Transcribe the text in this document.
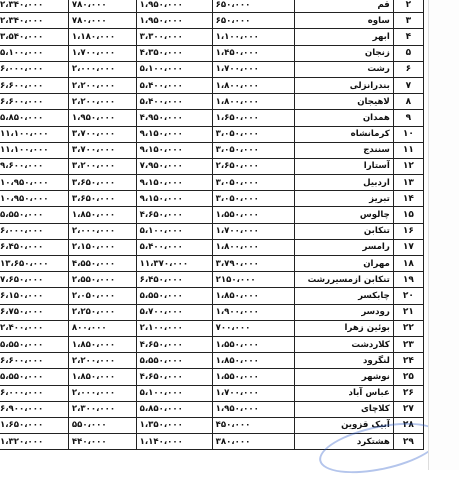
۲	قم	۶۵۰،۰۰۰	۱،۹۵۰،۰۰۰	۷۸۰،۰۰۰	۲،۳۴۰،۰۰۰
۳	ساوه	۶۵۰،۰۰۰	۱،۹۵۰،۰۰۰	۷۸۰،۰۰۰	۲،۳۴۰،۰۰۰
۴	ابهر	۱،۱۰۰،۰۰۰	۳،۳۰۰،۰۰۰	۱،۱۸۰،۰۰۰	۳،۵۴۰،۰۰۰
۵	زنجان	۱،۴۵۰،۰۰۰	۴،۳۵۰،۰۰۰	۱،۷۰۰،۰۰۰	۵،۱۰۰،۰۰۰
۶	رشت	۱،۷۰۰،۰۰۰	۵،۱۰۰،۰۰۰	۲،۰۰۰،۰۰۰	۶،۰۰۰،۰۰۰
۷	بندرانزلی	۱،۸۰۰،۰۰۰	۵،۴۰۰،۰۰۰	۲،۲۰۰،۰۰۰	۶،۶۰۰،۰۰۰
۸	لاهیجان	۱،۸۰۰،۰۰۰	۵،۴۰۰،۰۰۰	۲،۲۰۰،۰۰۰	۶،۶۰۰،۰۰۰
۹	همدان	۱،۶۵۰،۰۰۰	۴،۹۵۰،۰۰۰	۱،۹۵۰،۰۰۰	۵،۸۵۰،۰۰۰
۱۰	کرمانشاه	۳،۰۵۰،۰۰۰	۹،۱۵۰،۰۰۰	۳،۷۰۰،۰۰۰	۱۱،۱۰۰،۰۰۰
۱۱	سنندج	۳،۰۵۰،۰۰۰	۹،۱۵۰،۰۰۰	۳،۷۰۰،۰۰۰	۱۱،۱۰۰،۰۰۰
۱۲	آستارا	۲،۶۵۰،۰۰۰	۷،۹۵۰،۰۰۰	۳،۲۰۰،۰۰۰	۹،۶۰۰،۰۰۰
۱۳	اردبیل	۳،۰۵۰،۰۰۰	۹،۱۵۰،۰۰۰	۳،۶۵۰،۰۰۰	۱۰،۹۵۰،۰۰۰
۱۴	تبریز	۳،۰۵۰،۰۰۰	۹،۱۵۰،۰۰۰	۳،۶۵۰،۰۰۰	۱۰،۹۵۰،۰۰۰
۱۵	چالوس	۱،۵۵۰،۰۰۰	۴،۶۵۰،۰۰۰	۱،۸۵۰،۰۰۰	۵،۵۵۰،۰۰۰
۱۶	تنکابن	۱،۷۰۰،۰۰۰	۵،۱۰۰،۰۰۰	۲،۰۰۰،۰۰۰	۶،۰۰۰،۰۰۰
۱۷	رامسر	۱،۸۰۰،۰۰۰	۵،۴۰۰،۰۰۰	۲،۱۵۰،۰۰۰	۶،۴۵۰،۰۰۰
۱۸	مهران	۳،۷۹۰،۰۰۰	۱۱،۳۷۰،۰۰۰	۴،۵۵۰،۰۰۰	۱۳،۶۵۰،۰۰۰
۱۹	تنکابن ازمسیررشت	۲۱۵۰،۰۰۰	۶،۴۵۰،۰۰۰	۲،۵۵۰،۰۰۰	۷،۶۵۰،۰۰۰
۲۰	چابکسر	۱،۸۵۰،۰۰۰	۵،۵۵۰،۰۰۰	۲،۰۵۰،۰۰۰	۶،۱۵۰،۰۰۰
۲۱	رودسر	۱،۹۰۰،۰۰۰	۵،۷۰۰،۰۰۰	۲،۲۵۰،۰۰۰	۶،۷۵۰،۰۰۰
۲۲	بوئین زهرا	۷۰۰،۰۰۰	۲،۱۰۰،۰۰۰	۸۰۰،۰۰۰	۲،۴۰۰،۰۰۰
۲۳	کلاردشت	۱،۵۵۰،۰۰۰	۴،۶۵۰،۰۰۰	۱،۸۵۰،۰۰۰	۵،۵۵۰،۰۰۰
۲۴	لنگرود	۱،۸۵۰،۰۰۰	۵،۵۵۰،۰۰۰	۲،۲۰۰،۰۰۰	۶،۶۰۰،۰۰۰
۲۵	نوشهر	۱،۵۵۰،۰۰۰	۴،۶۵۰،۰۰۰	۱،۸۵۰،۰۰۰	۵،۵۵۰،۰۰۰
۲۶	عباس آباد	۱،۷۰۰،۰۰۰	۵،۱۰۰،۰۰۰	۲،۰۰۰،۰۰۰	۶،۰۰۰،۰۰۰
۲۷	کلاچای	۱،۹۵۰،۰۰۰	۵،۸۵۰،۰۰۰	۲،۳۰۰،۰۰۰	۶،۹۰۰،۰۰۰
۲۸	آبیک قزوین	۴۵۰،۰۰۰	۱،۳۵۰،۰۰۰	۵۵۰،۰۰۰	۱،۶۵۰،۰۰۰
۲۹	هشتکرد	۳۸۰،۰۰۰	۱،۱۴۰،۰۰۰	۴۴۰،۰۰۰	۱،۳۲۰،۰۰۰
